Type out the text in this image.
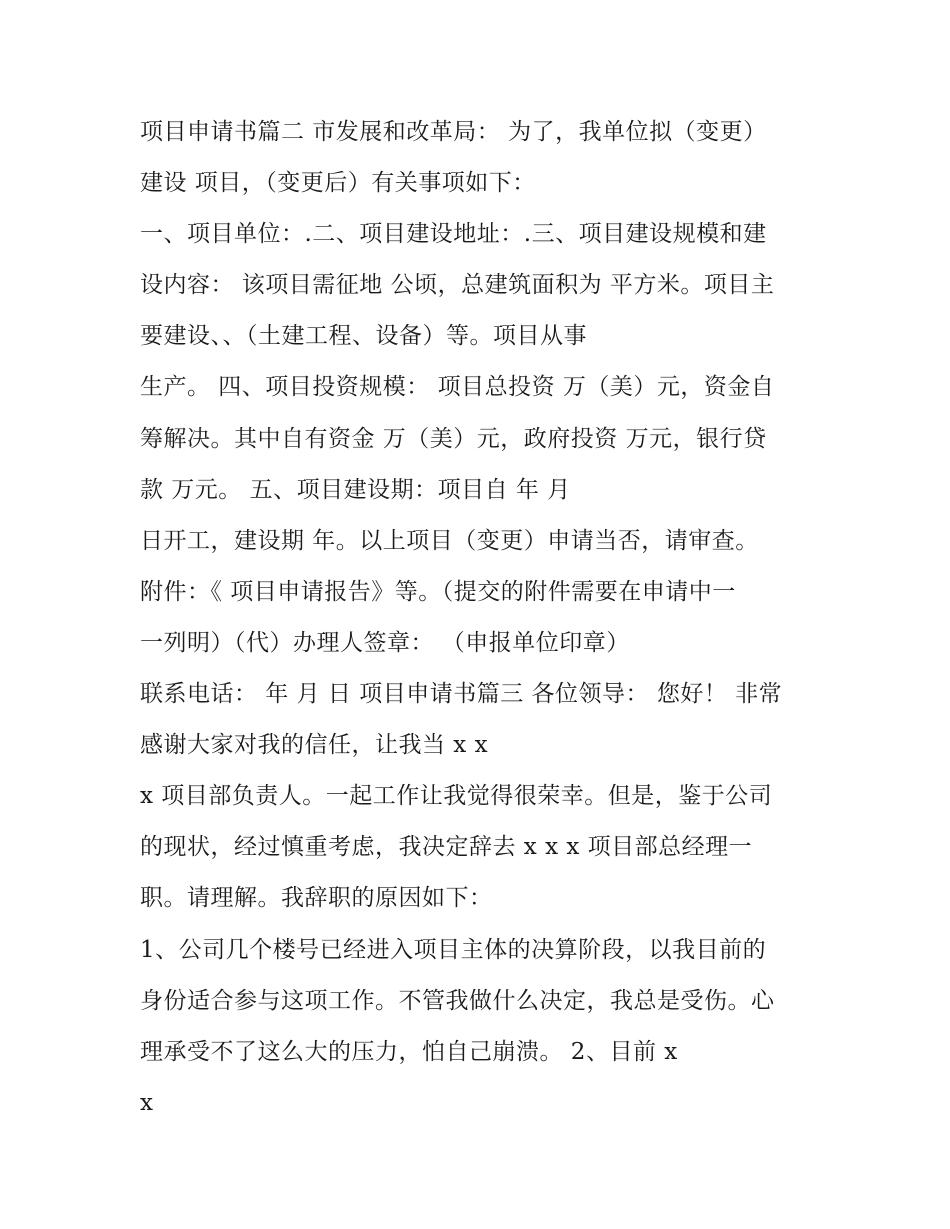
项目申请书篇二 市发展和改革局： 为了，我单位拟（变更）
建设 项目，（变更后）有关事项如下：
一、项目单位：.二、项目建设地址：.三、项目建设规模和建
设内容： 该项目需征地 公顷，总建筑面积为 平方米。项目主
要建设、、（土建工程、设备）等。项目从事
生产。 四、项目投资规模： 项目总投资 万（美）元，资金自
筹解决。其中自有资金 万（美）元，政府投资 万元，银行贷
款 万元。 五、项目建设期：项目自 年 月
日开工，建设期 年。以上项目（变更）申请当否，请审查。
附件：《 项目申请报告》等。（提交的附件需要在申请中一
一列明）（代）办理人签章： （申报单位印章）
联系电话： 年 月 日 项目申请书篇三 各位领导： 您好！ 非常
感谢大家对我的信任，让我当 x x
x 项目部负责人。一起工作让我觉得很荣幸。但是，鉴于公司
的现状，经过慎重考虑，我决定辞去 x x x 项目部总经理一
职。请理解。我辞职的原因如下：
1、公司几个楼号已经进入项目主体的决算阶段，以我目前的
身份适合参与这项工作。不管我做什么决定，我总是受伤。心
理承受不了这么大的压力，怕自己崩溃。 2、目前 x
x
